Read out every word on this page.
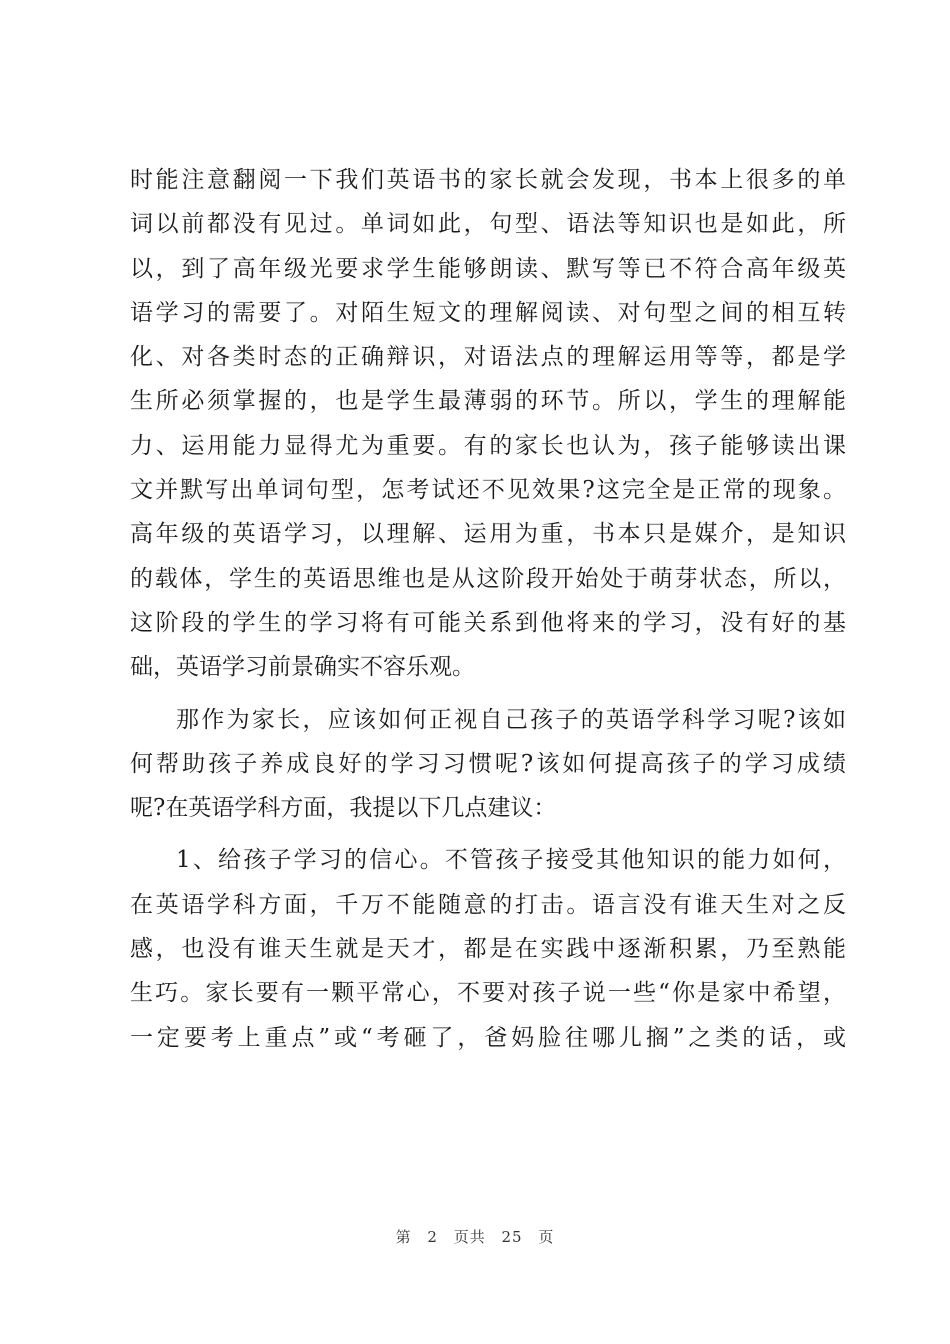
时能注意翻阅一下我们英语书的家长就会发现，书本上很多的单
词以前都没有见过。单词如此，句型、语法等知识也是如此，所
以，到了高年级光要求学生能够朗读、默写等已不符合高年级英
语学习的需要了。对陌生短文的理解阅读、对句型之间的相互转
化、对各类时态的正确辩识，对语法点的理解运用等等，都是学
生所必须掌握的，也是学生最薄弱的环节。所以，学生的理解能
力、运用能力显得尤为重要。有的家长也认为，孩子能够读出课
文并默写出单词句型，怎考试还不见效果?这完全是正常的现象。
高年级的英语学习，以理解、运用为重，书本只是媒介，是知识
的载体，学生的英语思维也是从这阶段开始处于萌芽状态，所以，
这阶段的学生的学习将有可能关系到他将来的学习，没有好的基
础，英语学习前景确实不容乐观。
那作为家长，应该如何正视自己孩子的英语学科学习呢?该如
何帮助孩子养成良好的学习习惯呢?该如何提高孩子的学习成绩
呢?在英语学科方面，我提以下几点建议：
1、给孩子学习的信心。不管孩子接受其他知识的能力如何，
在英语学科方面，千万不能随意的打击。语言没有谁天生对之反
感，也没有谁天生就是天才，都是在实践中逐渐积累，乃至熟能
生巧。家长要有一颗平常心，不要对孩子说一些“你是家中希望，
一定要考上重点”或“考砸了，爸妈脸往哪儿搁”之类的话，或
第 2 页共 25 页
